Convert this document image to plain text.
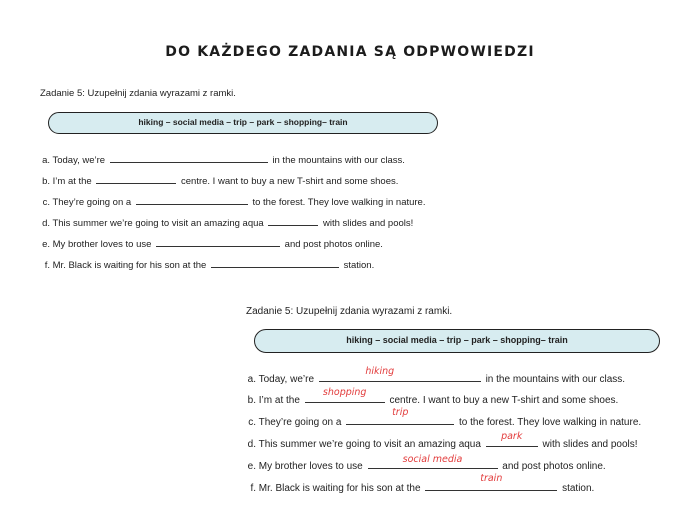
DO KAŻDEGO ZADANIA SĄ ODPWOWIEDZI
Zadanie 5: Uzupełnij zdania wyrazami z ramki.
hiking – social media – trip – park – shopping– train
a. Today, we’re	in the mountains with our class.
b. I’m at the	centre. I want to buy a new T-shirt and some shoes.
c. They’re going on a	to the forest. They love walking in nature.
d. This summer we’re going to visit an amazing aqua	with slides and pools!
e. My brother loves to use	and post photos online.
f. Mr. Black is waiting for his son at the	station.
Zadanie 5: Uzupełnij zdania wyrazami z ramki.
hiking – social media – trip – park – shopping– train
a. Today, we’re
hiking
in the mountains with our class.
b. I’m at the
shopping
centre. I want to buy a new T-shirt and some shoes.
c. They’re going on a
trip
to the forest. They love walking in nature.
d. This summer we’re going to visit an amazing aqua
park
with slides and pools!
e. My brother loves to use
social media
and post photos online.
f. Mr. Black is waiting for his son at the
train
station.
